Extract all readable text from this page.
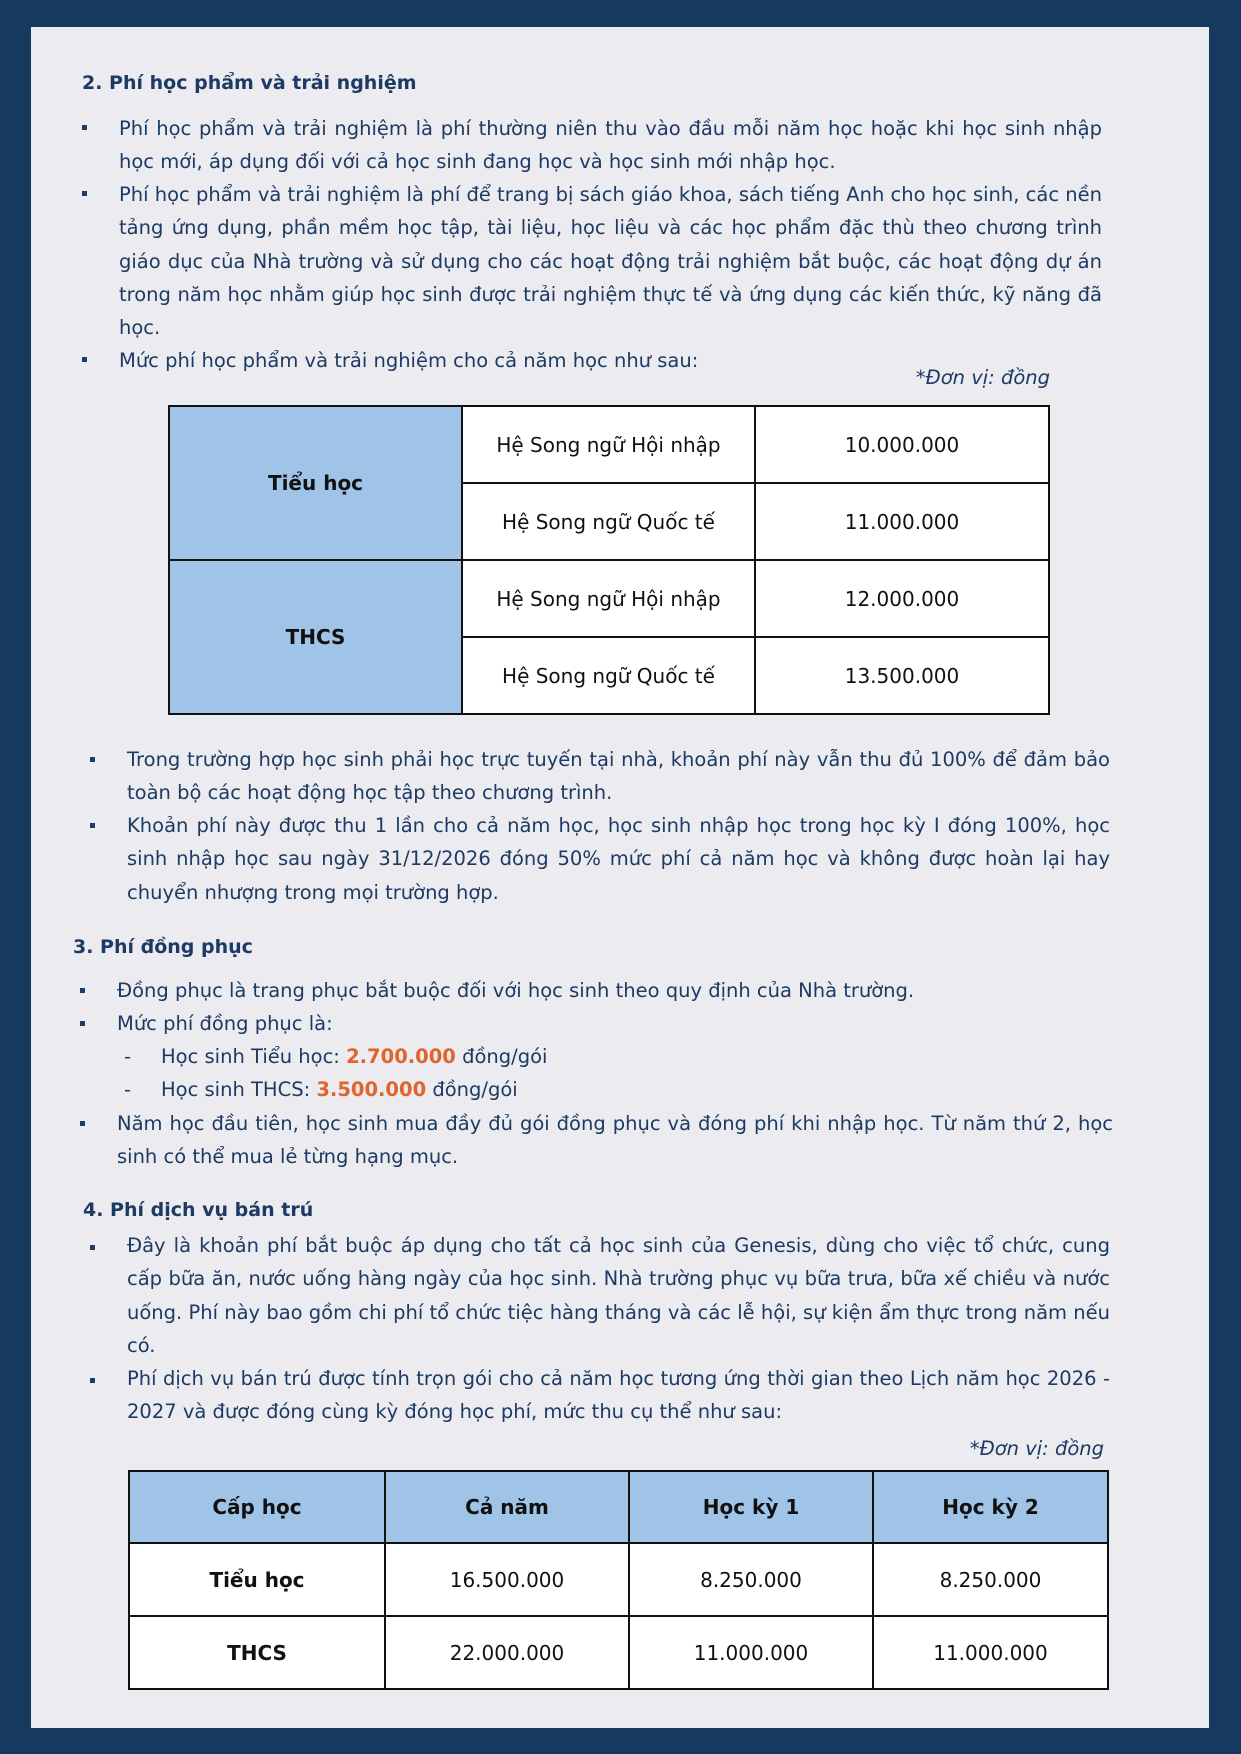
2. Phí học phẩm và trải nghiệm
Phí học phẩm và trải nghiệm là phí thường niên thu vào đầu mỗi năm học hoặc khi học sinh nhập học mới, áp dụng đối với cả học sinh đang học và học sinh mới nhập học.
Phí học phẩm và trải nghiệm là phí để trang bị sách giáo khoa, sách tiếng Anh cho học sinh, các nền tảng ứng dụng, phần mềm học tập, tài liệu, học liệu và các học phẩm đặc thù theo chương trình giáo dục của Nhà trường và sử dụng cho các hoạt động trải nghiệm bắt buộc, các hoạt động dự án trong năm học nhằm giúp học sinh được trải nghiệm thực tế và ứng dụng các kiến thức, kỹ năng đã học.
Mức phí học phẩm và trải nghiệm cho cả năm học như sau:
*Đơn vị: đồng
Tiểu học	Hệ Song ngữ Hội nhập	10.000.000
	Hệ Song ngữ Quốc tế	11.000.000
THCS	Hệ Song ngữ Hội nhập	12.000.000
	Hệ Song ngữ Quốc tế	13.500.000
Trong trường hợp học sinh phải học trực tuyến tại nhà, khoản phí này vẫn thu đủ 100% để đảm bảo toàn bộ các hoạt động học tập theo chương trình.
Khoản phí này được thu 1 lần cho cả năm học, học sinh nhập học trong học kỳ I đóng 100%, học sinh nhập học sau ngày 31/12/2026 đóng 50% mức phí cả năm học và không được hoàn lại hay chuyển nhượng trong mọi trường hợp.
3. Phí đồng phục
Đồng phục là trang phục bắt buộc đối với học sinh theo quy định của Nhà trường.
Mức phí đồng phục là:
- Học sinh Tiểu học: 2.700.000 đồng/gói
- Học sinh THCS: 3.500.000 đồng/gói
Năm học đầu tiên, học sinh mua đầy đủ gói đồng phục và đóng phí khi nhập học. Từ năm thứ 2, học sinh có thể mua lẻ từng hạng mục.
4. Phí dịch vụ bán trú
Đây là khoản phí bắt buộc áp dụng cho tất cả học sinh của Genesis, dùng cho việc tổ chức, cung cấp bữa ăn, nước uống hàng ngày của học sinh. Nhà trường phục vụ bữa trưa, bữa xế chiều và nước uống. Phí này bao gồm chi phí tổ chức tiệc hàng tháng và các lễ hội, sự kiện ẩm thực trong năm nếu có.
Phí dịch vụ bán trú được tính trọn gói cho cả năm học tương ứng thời gian theo Lịch năm học 2026 - 2027 và được đóng cùng kỳ đóng học phí, mức thu cụ thể như sau:
*Đơn vị: đồng
Cấp học	Cả năm	Học kỳ 1	Học kỳ 2
Tiểu học	16.500.000	8.250.000	8.250.000
THCS	22.000.000	11.000.000	11.000.000
